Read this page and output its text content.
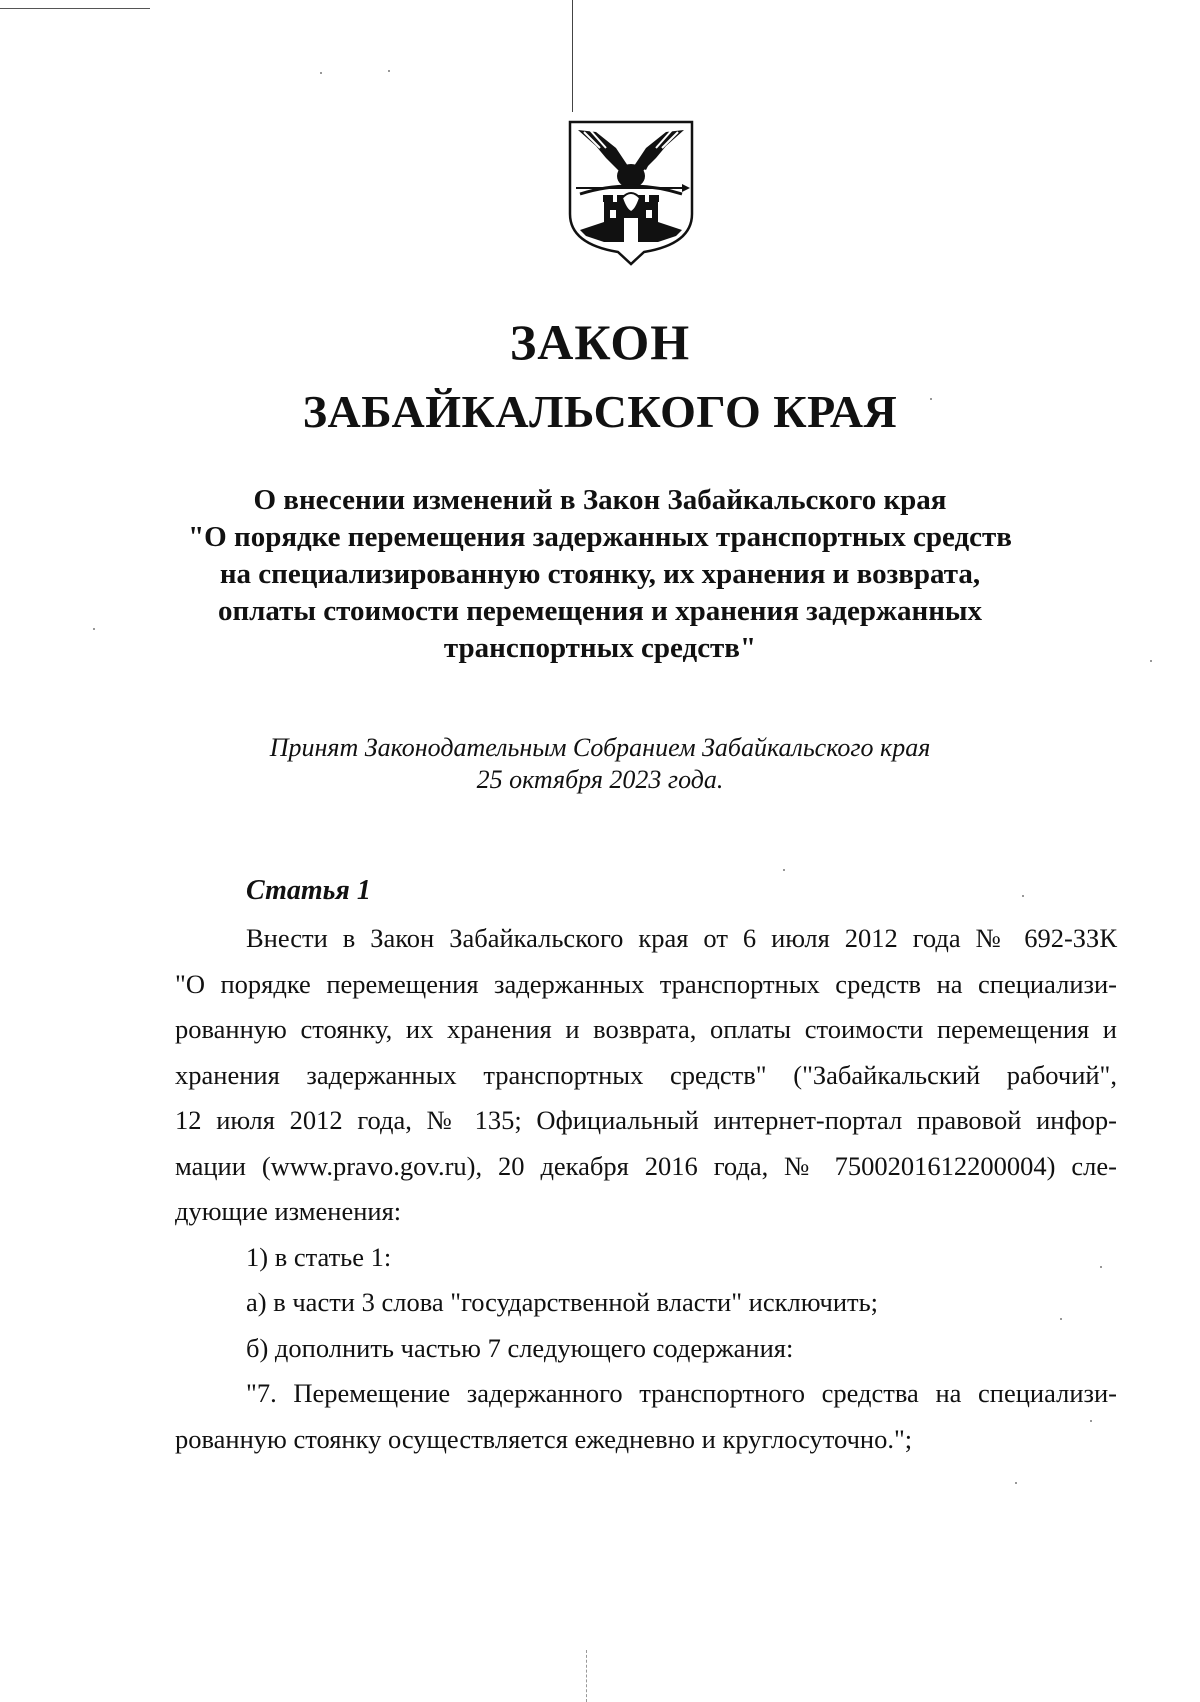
ЗАКОН
ЗАБАЙКАЛЬСКОГО КРАЯ
О внесении изменений в Закон Забайкальского края
"О порядке перемещения задержанных транспортных средств
на специализированную стоянку, их хранения и возврата,
оплаты стоимости перемещения и хранения задержанных
транспортных средств"
Принят Законодательным Собранием Забайкальского края
25 октября 2023 года.
Статья 1
Внести в Закон Забайкальского края от 6 июля 2012 года № 692-ЗЗК
"О порядке перемещения задержанных транспортных средств на специализи-
рованную стоянку, их хранения и возврата, оплаты стоимости перемещения и
хранения задержанных транспортных средств" ("Забайкальский рабочий",
12 июля 2012 года, № 135; Официальный интернет-портал правовой инфор-
мации (www.pravo.gov.ru), 20 декабря 2016 года, № 7500201612200004) сле-
дующие изменения:
1) в статье 1:
а) в части 3 слова "государственной власти" исключить;
б) дополнить частью 7 следующего содержания:
"7. Перемещение задержанного транспортного средства на специализи-
рованную стоянку осуществляется ежедневно и круглосуточно.";
